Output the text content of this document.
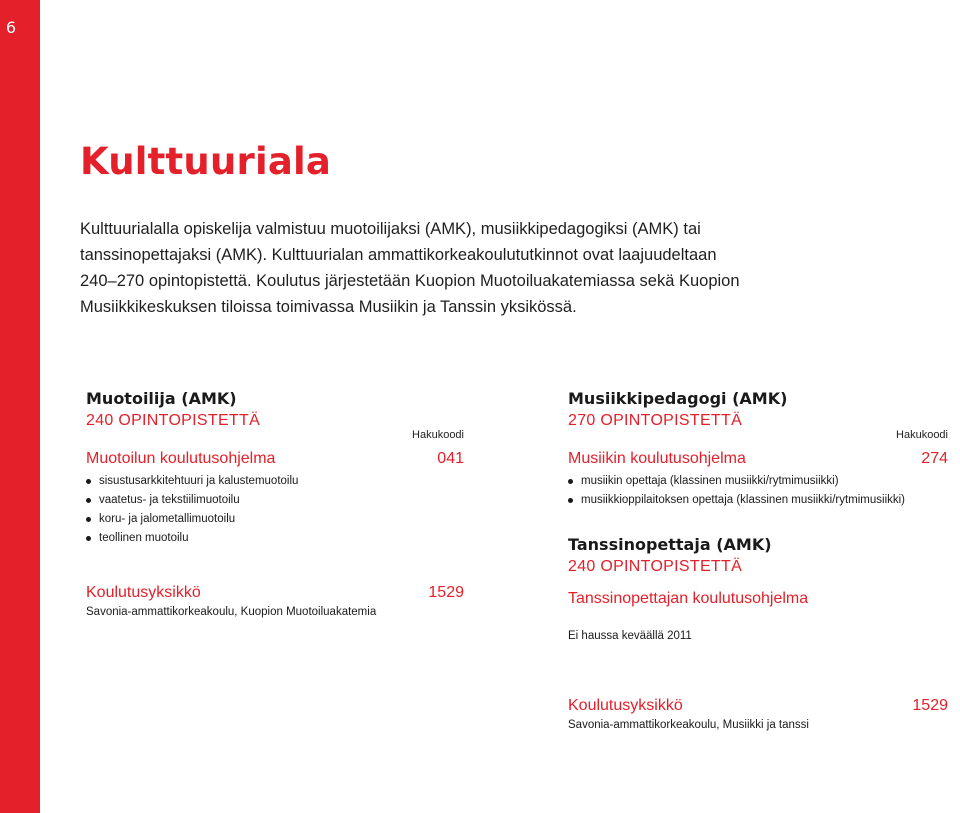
6
Kulttuuriala
Kulttuurialalla opiskelija valmistuu muotoilijaksi (AMK), musiikkipedagogiksi (AMK) tai
tanssinopettajaksi (AMK). Kulttuurialan ammattikorkeakoulututkinnot ovat laajuudeltaan
240–270 opintopistettä. Koulutus järjestetään Kuopion Muotoiluakatemiassa sekä Kuopion
Musiikkikeskuksen tiloissa toimivassa Musiikin ja Tanssin yksikössä.
Muotoilija (AMK)
240 OPINTOPISTETTÄ
Hakukoodi
Muotoilun koulutusohjelma	041
sisustusarkkitehtuuri ja kalustemuotoilu
vaatetus- ja tekstiilimuotoilu
koru- ja jalometallimuotoilu
teollinen muotoilu
Koulutusyksikkö	1529
Savonia-ammattikorkeakoulu, Kuopion Muotoiluakatemia
Musiikkipedagogi (AMK)
270 OPINTOPISTETTÄ
Hakukoodi
Musiikin koulutusohjelma	274
musiikin opettaja (klassinen musiikki/rytmimusiikki)
musiikkioppilaitoksen opettaja (klassinen musiikki/rytmimusiikki)
Tanssinopettaja (AMK)
240 OPINTOPISTETTÄ
Tanssinopettajan koulutusohjelma
Ei haussa keväällä 2011
Koulutusyksikkö	1529
Savonia-ammattikorkeakoulu, Musiikki ja tanssi
